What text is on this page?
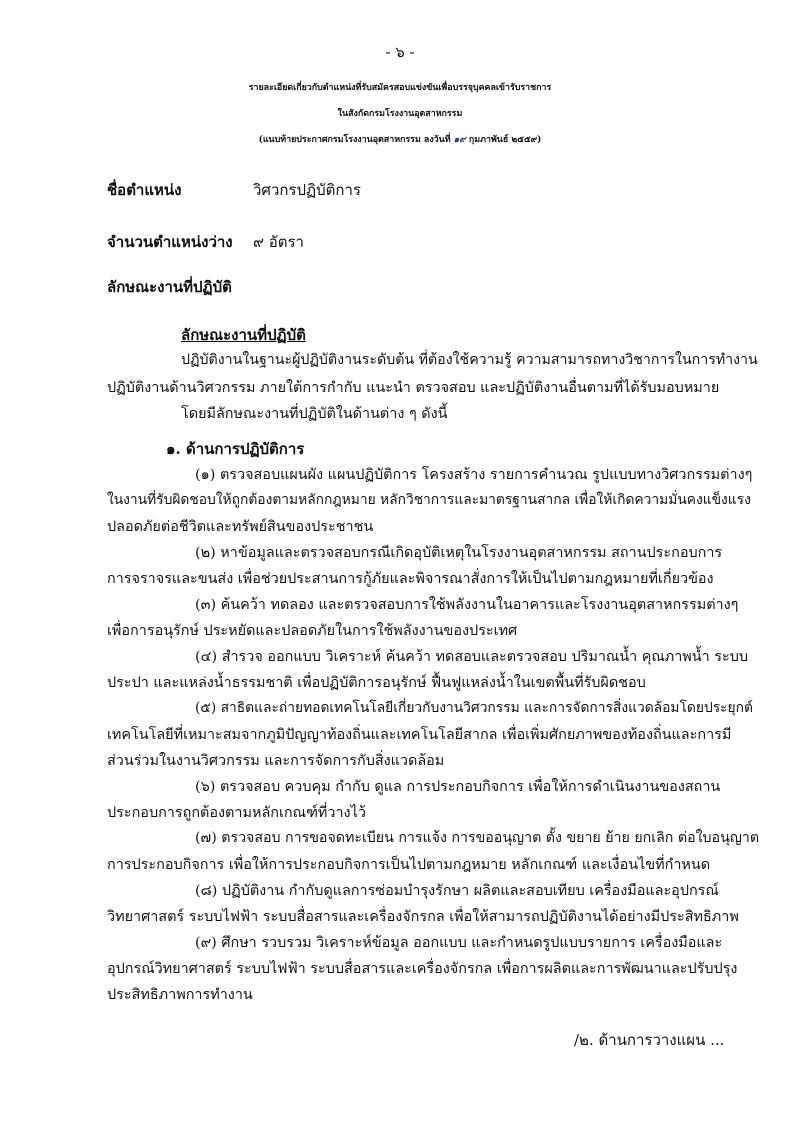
- ๖ -
รายละเอียดเกี่ยวกับตำแหน่งที่รับสมัครสอบแข่งขันเพื่อบรรจุบุคคลเข้ารับราชการ
ในสังกัดกรมโรงงานอุตสาหกรรม
(แนบท้ายประกาศกรมโรงงานอุตสาหกรรม ลงวันที่ ๑๙ กุมภาพันธ์ ๒๕๕๙)
ชื่อตำแหน่ง	วิศวกรปฏิบัติการ
จำนวนตำแหน่งว่าง ๙ อัตรา
ลักษณะงานที่ปฏิบัติ
ลักษณะงานที่ปฏิบัติ
ปฏิบัติงานในฐานะผู้ปฏิบัติงานระดับต้น ที่ต้องใช้ความรู้ ความสามารถทางวิชาการในการทำงาน
ปฏิบัติงานด้านวิศวกรรม ภายใต้การกำกับ แนะนำ ตรวจสอบ และปฏิบัติงานอื่นตามที่ได้รับมอบหมาย
โดยมีลักษณะงานที่ปฏิบัติในด้านต่าง ๆ ดังนี้
๑. ด้านการปฏิบัติการ
(๑) ตรวจสอบแผนผัง แผนปฏิบัติการ โครงสร้าง รายการคำนวณ รูปแบบทางวิศวกรรมต่างๆ
ในงานที่รับผิดชอบให้ถูกต้องตามหลักกฎหมาย หลักวิชาการและมาตรฐานสากล เพื่อให้เกิดความมั่นคงแข็งแรง
ปลอดภัยต่อชีวิตและทรัพย์สินของประชาชน
(๒) หาข้อมูลและตรวจสอบกรณีเกิดอุบัติเหตุในโรงงานอุตสาหกรรม สถานประกอบการ
การจราจรและขนส่ง เพื่อช่วยประสานการกู้ภัยและพิจารณาสั่งการให้เป็นไปตามกฎหมายที่เกี่ยวข้อง
(๓) ค้นคว้า ทดลอง และตรวจสอบการใช้พลังงานในอาคารและโรงงานอุตสาหกรรมต่างๆ
เพื่อการอนุรักษ์ ประหยัดและปลอดภัยในการใช้พลังงานของประเทศ
(๔) สำรวจ ออกแบบ วิเคราะห์ ค้นคว้า ทดสอบและตรวจสอบ ปริมาณน้ำ คุณภาพน้ำ ระบบ
ประปา และแหล่งน้ำธรรมชาติ เพื่อปฏิบัติการอนุรักษ์ ฟื้นฟูแหล่งน้ำในเขตพื้นที่รับผิดชอบ
(๕) สาธิตและถ่ายทอดเทคโนโลยีเกี่ยวกับงานวิศวกรรม และการจัดการสิ่งแวดล้อมโดยประยุกต์
เทคโนโลยีที่เหมาะสมจากภูมิปัญญาท้องถิ่นและเทคโนโลยีสากล เพื่อเพิ่มศักยภาพของท้องถิ่นและการมี
ส่วนร่วมในงานวิศวกรรม และการจัดการกับสิ่งแวดล้อม
(๖) ตรวจสอบ ควบคุม กำกับ ดูแล การประกอบกิจการ เพื่อให้การดำเนินงานของสถาน
ประกอบการถูกต้องตามหลักเกณฑ์ที่วางไว้
(๗) ตรวจสอบ การขอจดทะเบียน การแจ้ง การขออนุญาต ตั้ง ขยาย ย้าย ยกเลิก ต่อใบอนุญาต
การประกอบกิจการ เพื่อให้การประกอบกิจการเป็นไปตามกฎหมาย หลักเกณฑ์ และเงื่อนไขที่กำหนด
(๘) ปฏิบัติงาน กำกับดูแลการซ่อมบำรุงรักษา ผลิตและสอบเทียบ เครื่องมือและอุปกรณ์
วิทยาศาสตร์ ระบบไฟฟ้า ระบบสื่อสารและเครื่องจักรกล เพื่อให้สามารถปฏิบัติงานได้อย่างมีประสิทธิภาพ
(๙) ศึกษา รวบรวม วิเคราะห์ข้อมูล ออกแบบ และกำหนดรูปแบบรายการ เครื่องมือและ
อุปกรณ์วิทยาศาสตร์ ระบบไฟฟ้า ระบบสื่อสารและเครื่องจักรกล เพื่อการผลิตและการพัฒนาและปรับปรุง
ประสิทธิภาพการทำงาน
/๒. ด้านการวางแผน ...
